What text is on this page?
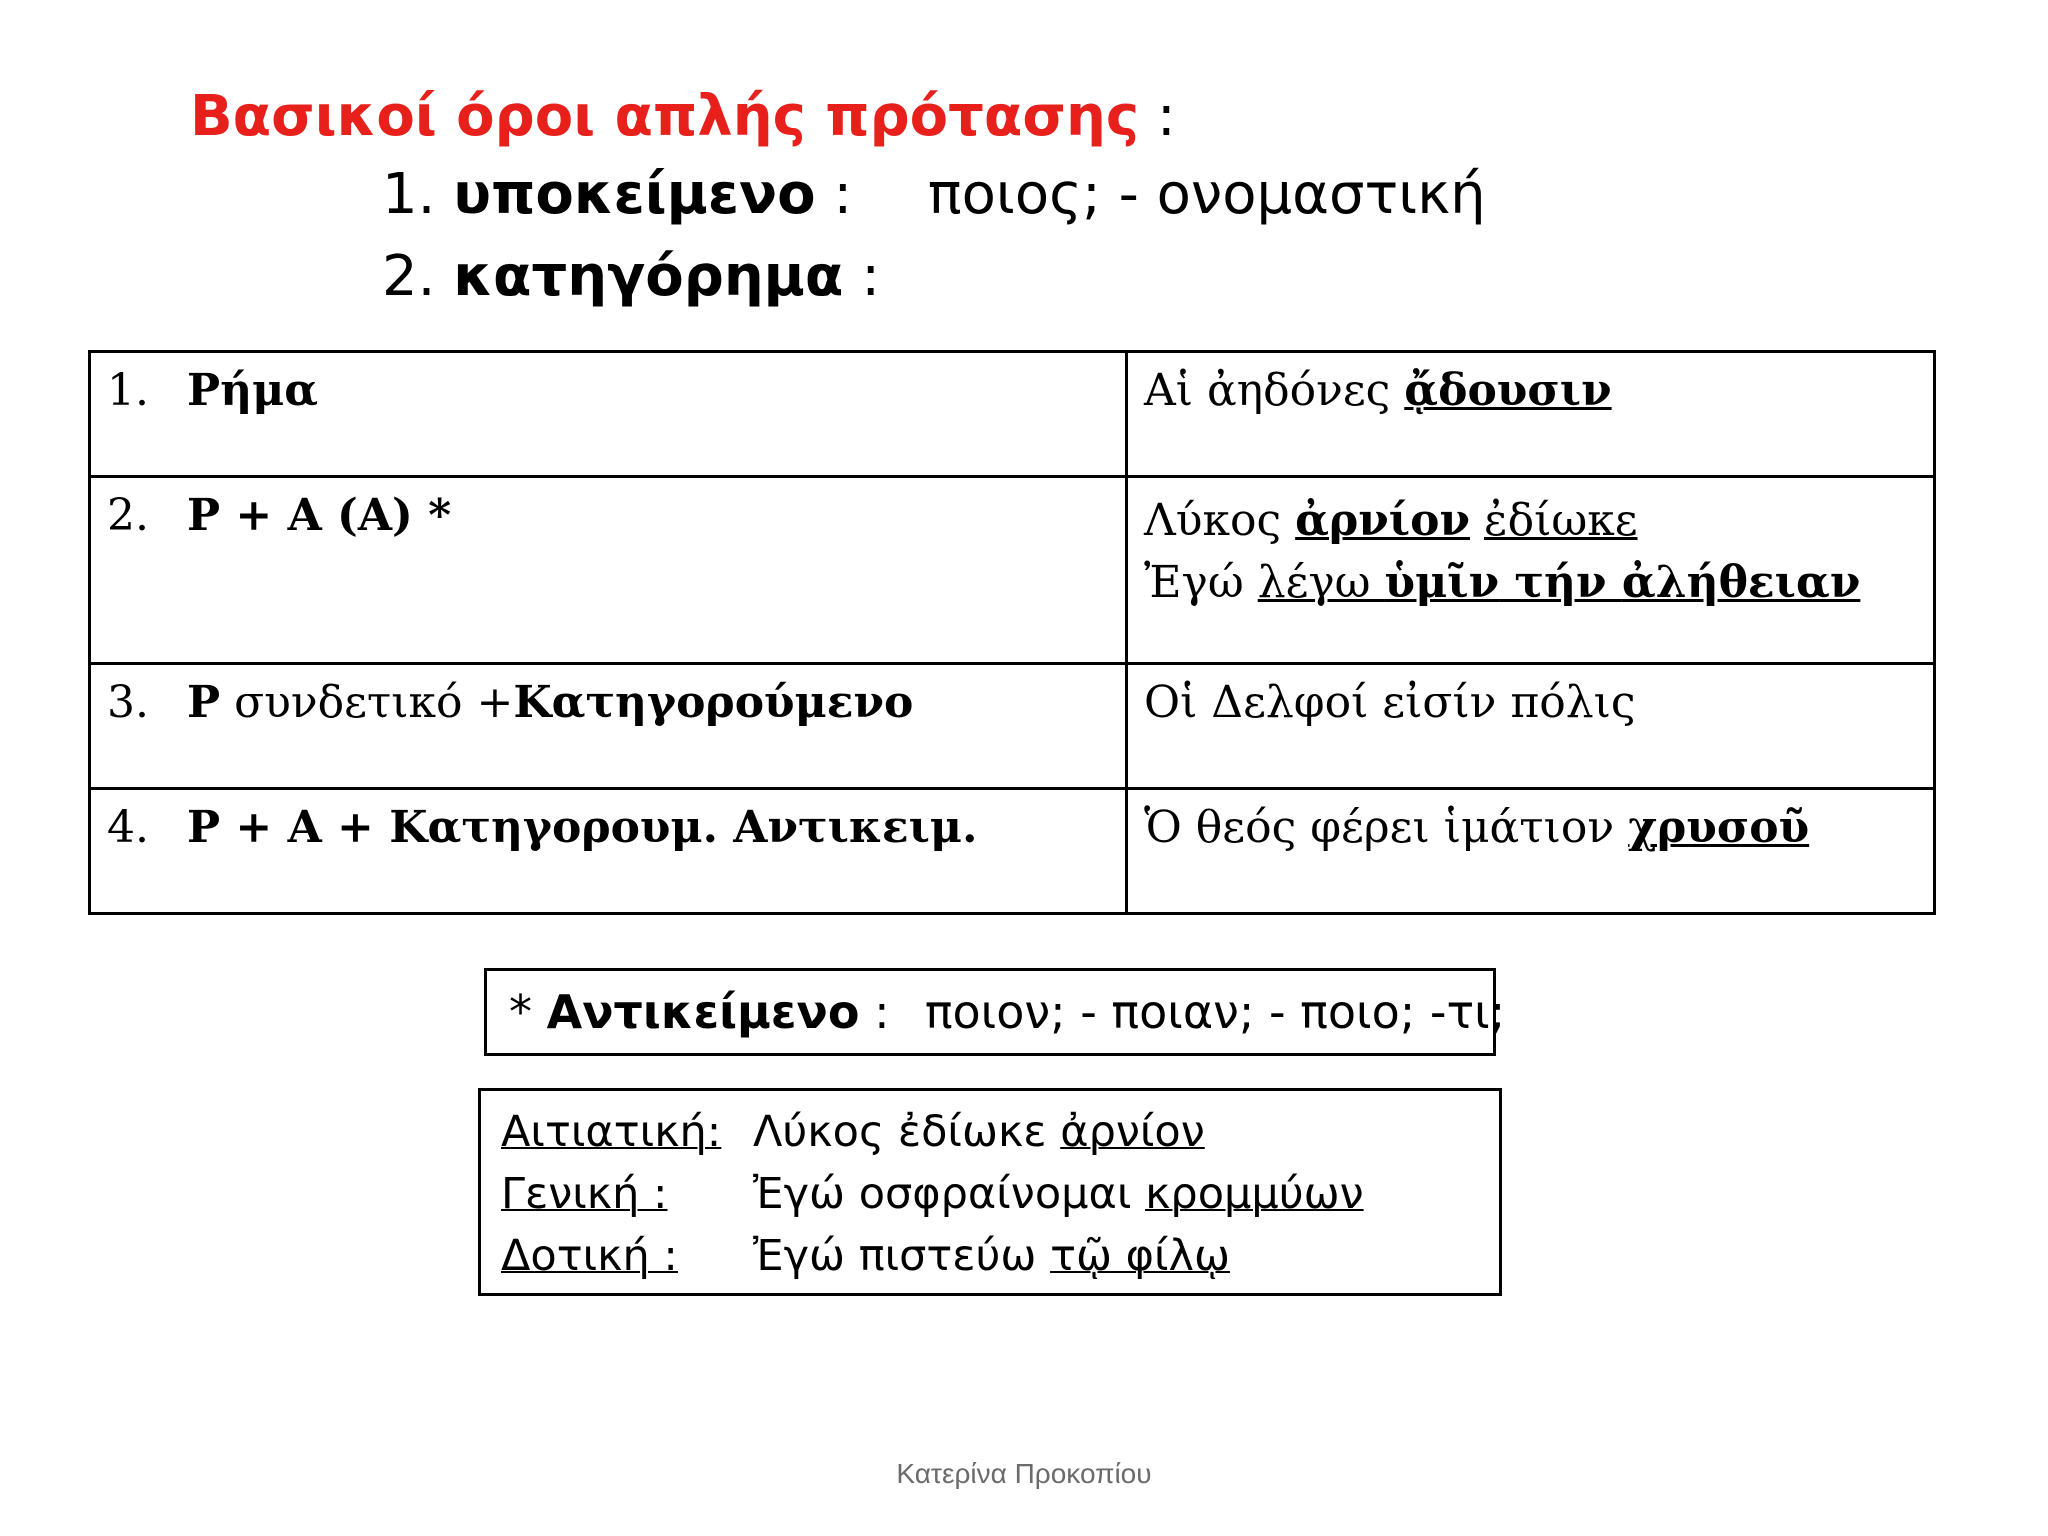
Βασικοί όροι απλής πρότασης :
1. υποκείμενο : ποιος; - ονομαστική
2. κατηγόρημα :
1. Ρήμα	Αἱ ἀηδόνες ᾄδουσιν
2. Ρ + Α (Α) *	Λύκος ἀρνίον ἐδίωκε
Ἐγώ λέγω ὑμῖν τήν ἀλήθειαν

3. Ρ συνδετικό +Κατηγορούμενο	Οἱ Δελφοί εἰσίν πόλις
4. Ρ + Α + Κατηγορουμ. Αντικειμ.	Ὁ θεός φέρει ἱμάτιον χρυσοῦ
* Αντικείμενο : ποιον; - ποιαν; - ποιο; -τι;
Αιτιατική: Λύκος ἐδίωκε ἀρνίον
Γενική : Ἐγώ οσφραίνομαι κρομμύων
Δοτική : Ἐγώ πιστεύω τῷ φίλῳ
Κατερίνα Προκοπίου
